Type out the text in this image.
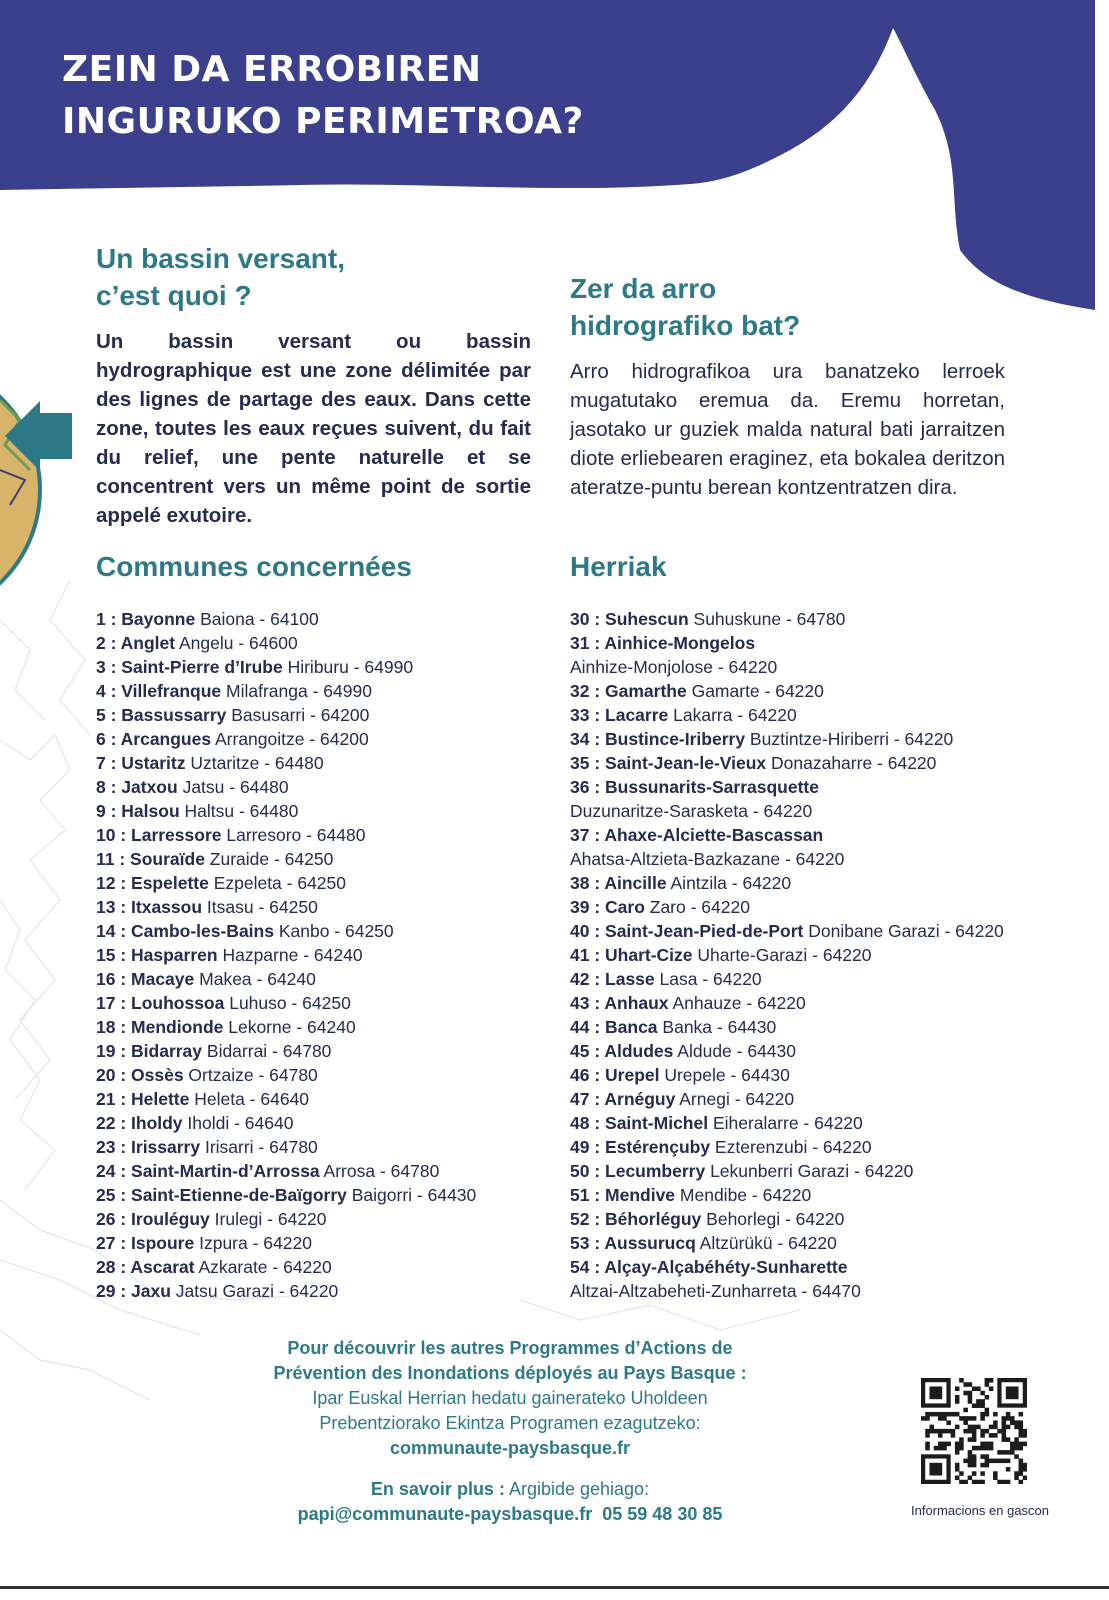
ZEIN DA ERROBIREN
INGURUKO PERIMETROA?
Un bassin versant,
c’est quoi ?

Un bassin versant ou bassin hydrographique est une zone délimitée par des lignes de partage des eaux. Dans cette zone, toutes les eaux reçues suivent, du fait du relief, une pente naturelle et se concentrent vers un même point de sortie appelé exutoire.

Zer da arro
hidrografiko bat?

Arro hidrografikoa ura banatzeko lerroek mugatutako eremua da. Eremu horretan, jasotako ur guziek malda natural bati jarraitzen diote erliebearen eraginez, eta bokalea deritzon ateratze-puntu berean kontzentratzen dira.

Communes concernées	Herriak
1 : Bayonne Baiona - 64100
2 : Anglet Angelu - 64600
3 : Saint-Pierre d’Irube Hiriburu - 64990
4 : Villefranque Milafranga - 64990
5 : Bassussarry Basusarri - 64200
6 : Arcangues Arrangoitze - 64200
7 : Ustaritz Uztaritze - 64480
8 : Jatxou Jatsu - 64480
9 : Halsou Haltsu - 64480
10 : Larressore Larresoro - 64480
11 : Souraïde Zuraide - 64250
12 : Espelette Ezpeleta - 64250
13 : Itxassou Itsasu - 64250
14 : Cambo-les-Bains Kanbo - 64250
15 : Hasparren Hazparne - 64240
16 : Macaye Makea - 64240
17 : Louhossoa Luhuso - 64250
18 : Mendionde Lekorne - 64240
19 : Bidarray Bidarrai - 64780
20 : Ossès Ortzaize - 64780
21 : Helette Heleta - 64640
22 : Iholdy Iholdi - 64640
23 : Irissarry Irisarri - 64780
24 : Saint-Martin-d’Arrossa Arrosa - 64780
25 : Saint-Etienne-de-Baïgorry Baigorri - 64430
26 : Irouléguy Irulegi - 64220
27 : Ispoure Izpura - 64220
28 : Ascarat Azkarate - 64220
29 : Jaxu Jatsu Garazi - 64220
30 : Suhescun Suhuskune - 64780
31 : Ainhice-Mongelos
Ainhize-Monjolose - 64220
32 : Gamarthe Gamarte - 64220
33 : Lacarre Lakarra - 64220
34 : Bustince-Iriberry Buztintze-Hiriberri - 64220
35 : Saint-Jean-le-Vieux Donazaharre - 64220
36 : Bussunarits-Sarrasquette
Duzunaritze-Sarasketa - 64220
37 : Ahaxe-Alciette-Bascassan
Ahatsa-Altzieta-Bazkazane - 64220
38 : Aincille Aintzila - 64220
39 : Caro Zaro - 64220
40 : Saint-Jean-Pied-de-Port Donibane Garazi - 64220
41 : Uhart-Cize Uharte-Garazi - 64220
42 : Lasse Lasa - 64220
43 : Anhaux Anhauze - 64220
44 : Banca Banka - 64430
45 : Aldudes Aldude - 64430
46 : Urepel Urepele - 64430
47 : Arnéguy Arnegi - 64220
48 : Saint-Michel Eiheralarre - 64220
49 : Estérençuby Ezterenzubi - 64220
50 : Lecumberry Lekunberri Garazi - 64220
51 : Mendive Mendibe - 64220
52 : Béhorléguy Behorlegi - 64220
53 : Aussurucq Altzürükü - 64220
54 : Alçay-Alçabéhéty-Sunharette
Altzai-Altzabeheti-Zunharreta - 64470
Pour découvrir les autres Programmes d’Actions de
Prévention des Inondations déployés au Pays Basque :
Ipar Euskal Herrian hedatu gainerateko Uholdeen
Prebentziorako Ekintza Programen ezagutzeko:
communaute-paysbasque.fr
En savoir plus : Argibide gehiago:
papi@communaute-paysbasque.fr 05 59 48 30 85	Informacions en gascon
